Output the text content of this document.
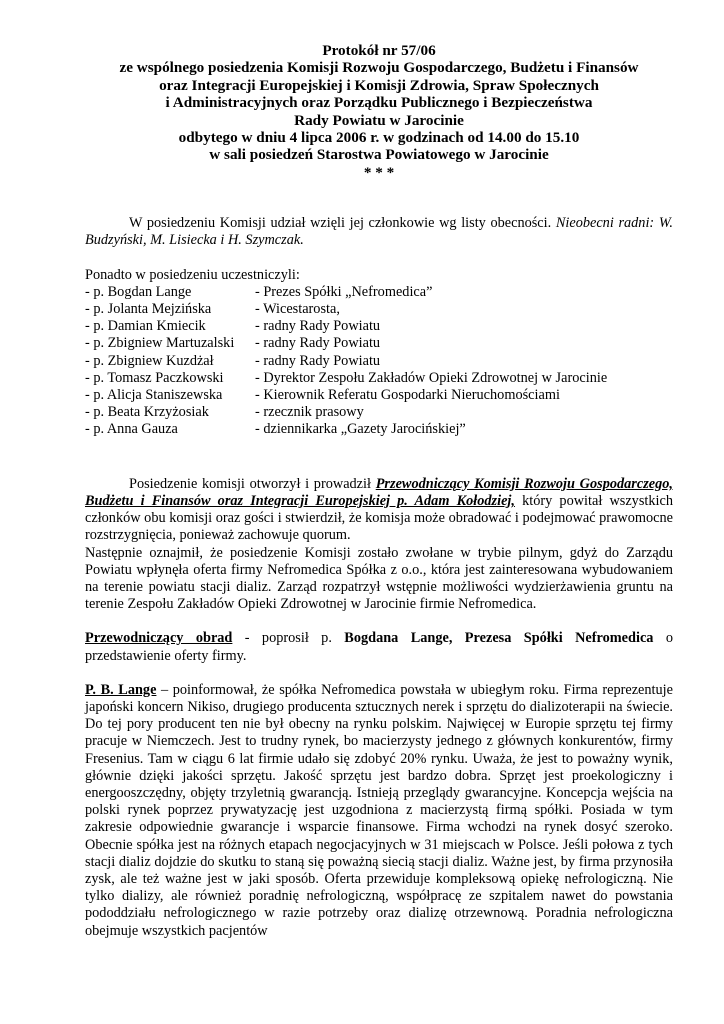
Protokół nr 57/06
ze wspólnego posiedzenia Komisji Rozwoju Gospodarczego, Budżetu i Finansów
oraz Integracji Europejskiej i Komisji Zdrowia, Spraw Społecznych
i Administracyjnych oraz Porządku Publicznego i Bezpieczeństwa
Rady Powiatu w Jarocinie
odbytego w dniu 4 lipca 2006 r. w godzinach od 14.00 do 15.10
w sali posiedzeń Starostwa Powiatowego w Jarocinie
* * *

W posiedzeniu Komisji udział wzięli jej członkowie wg listy obecności. Nieobecni radni: W. Budzyński, M. Lisiecka i H. Szymczak.

Ponadto w posiedzeniu uczestniczyli:

- p. Bogdan Lange	- Prezes Spółki „Nefromedica”
- p. Jolanta Mejzińska	- Wicestarosta,
- p. Damian Kmiecik	- radny Rady Powiatu
- p. Zbigniew Martuzalski	- radny Rady Powiatu
- p. Zbigniew Kuzdżał	- radny Rady Powiatu
- p. Tomasz Paczkowski	- Dyrektor Zespołu Zakładów Opieki Zdrowotnej w Jarocinie
- p. Alicja Staniszewska	- Kierownik Referatu Gospodarki Nieruchomościami
- p. Beata Krzyżosiak	- rzecznik prasowy
- p. Anna Gauza	- dziennikarka „Gazety Jarocińskiej”

Posiedzenie komisji otworzył i prowadził Przewodniczący Komisji Rozwoju Gospodarczego, Budżetu i Finansów oraz Integracji Europejskiej p. Adam Kołodziej, który powitał wszystkich członków obu komisji oraz gości i stwierdził, że komisja może obradować i podejmować prawomocne rozstrzygnięcia, ponieważ zachowuje quorum.

Następnie oznajmił, że posiedzenie Komisji zostało zwołane w trybie pilnym, gdyż do Zarządu Powiatu wpłynęła oferta firmy Nefromedica Spółka z o.o., która jest zainteresowana wybudowaniem na terenie powiatu stacji dializ. Zarząd rozpatrzył wstępnie możliwości wydzierżawienia gruntu na terenie Zespołu Zakładów Opieki Zdrowotnej w Jarocinie firmie Nefromedica.

Przewodniczący obrad - poprosił p. Bogdana Lange, Prezesa Spółki Nefromedica o przedstawienie oferty firmy.

P. B. Lange – poinformował, że spółka Nefromedica powstała w ubiegłym roku. Firma reprezentuje japoński koncern Nikiso, drugiego producenta sztucznych nerek i sprzętu do dializoterapii na świecie. Do tej pory producent ten nie był obecny na rynku polskim. Najwięcej w Europie sprzętu tej firmy pracuje w Niemczech. Jest to trudny rynek, bo macierzysty jednego z głównych konkurentów, firmy Fresenius. Tam w ciągu 6 lat firmie udało się zdobyć 20% rynku. Uważa, że jest to poważny wynik, głównie dzięki jakości sprzętu. Jakość sprzętu jest bardzo dobra. Sprzęt jest proekologiczny i energooszczędny, objęty trzyletnią gwarancją. Istnieją przeglądy gwarancyjne. Koncepcja wejścia na polski rynek poprzez prywatyzację jest uzgodniona z macierzystą firmą spółki. Posiada w tym zakresie odpowiednie gwarancje i wsparcie finansowe. Firma wchodzi na rynek dosyć szeroko. Obecnie spółka jest na różnych etapach negocjacyjnych w 31 miejscach w Polsce. Jeśli połowa z tych stacji dializ dojdzie do skutku to staną się poważną siecią stacji dializ. Ważne jest, by firma przynosiła zysk, ale też ważne jest w jaki sposób. Oferta przewiduje kompleksową opiekę nefrologiczną. Nie tylko dializy, ale również poradnię nefrologiczną, współpracę ze szpitalem nawet do powstania pododdziału nefrologicznego w razie potrzeby oraz dializę otrzewnową. Poradnia nefrologiczna obejmuje wszystkich pacjentów
